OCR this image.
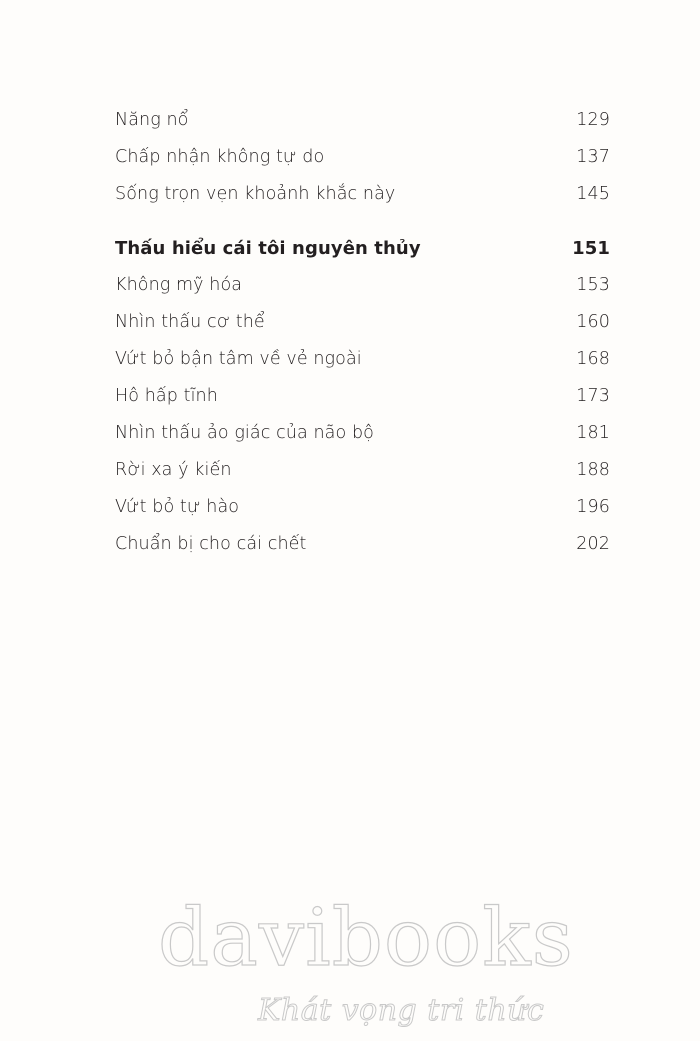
Năng nổ	129
Chấp nhận không tự do	137
Sống trọn vẹn khoảnh khắc này	145
Thấu hiểu cái tôi nguyên thủy	151
Không mỹ hóa	153
Nhìn thấu cơ thể	160
Vứt bỏ bận tâm về vẻ ngoài	168
Hô hấp tĩnh	173
Nhìn thấu ảo giác của não bộ	181
Rời xa ý kiến	188
Vứt bỏ tự hào	196
Chuẩn bị cho cái chết	202
davibooks
Khát vọng tri thức
